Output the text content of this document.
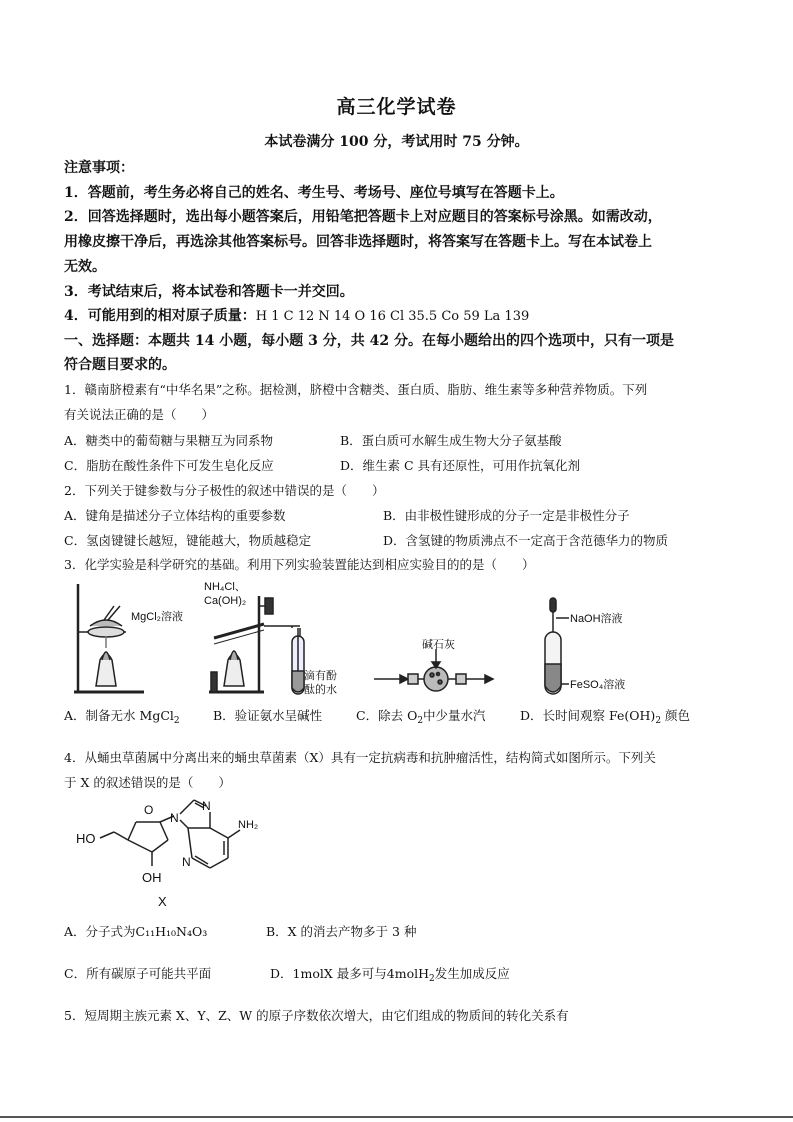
高三化学试卷
本试卷满分 100 分，考试用时 75 分钟。
注意事项：
1．答题前，考生务必将自己的姓名、考生号、考场号、座位号填写在答题卡上。
2．回答选择题时，选出每小题答案后，用铅笔把答题卡上对应题目的答案标号涂黑。如需改动，
用橡皮擦干净后，再选涂其他答案标号。回答非选择题时，将答案写在答题卡上。写在本试卷上
无效。
3．考试结束后，将本试卷和答题卡一并交回。
4．可能用到的相对原子质量：H 1 C 12 N 14 O 16 Cl 35.5 Co 59 La 139
一、选择题：本题共 14 小题，每小题 3 分，共 42 分。在每小题给出的四个选项中，只有一项是
符合题目要求的。
1．赣南脐橙素有“中华名果”之称。据检测，脐橙中含糖类、蛋白质、脂肪、维生素等多种营养物质。下列
有关说法正确的是（　　）
A．糖类中的葡萄糖与果糖互为同系物	B．蛋白质可水解生成生物大分子氨基酸
C．脂肪在酸性条件下可发生皂化反应	D．维生素 C 具有还原性，可用作抗氧化剂
2．下列关于键参数与分子极性的叙述中错误的是（　　）
A．键角是描述分子立体结构的重要参数	B．由非极性键形成的分子一定是非极性分子
C．氢卤键键长越短，键能越大，物质越稳定	D．含氢键的物质沸点不一定高于含范德华力的物质
3．化学实验是科学研究的基础。利用下列实验装置能达到相应实验目的的是（　　）
MgCl₂溶液
NH₄Cl、
Ca(OH)₂
滴有酚
酞的水
碱石灰
NaOH溶液
FeSO₄溶液
A．制备无水 MgCl$_2$	B．验证氨水呈碱性	C．除去 $O_2$中少量水汽	D．长时间观察 $Fe(OH)_2$ 颜色
4．从蛹虫草菌属中分离出来的蛹虫草菌素（X）具有一定抗病毒和抗肿瘤活性，结构简式如图所示。下列关
于 X 的叙述错误的是（　　）
HO
OH
O
N
N
N
NH₂
X
A．分子式为C₁₁H₁₀N₄O₃	B．X 的消去产物多于 3 种
C．所有碳原子可能共平面	D．1molX 最多可与4molH$_2$发生加成反应
5．短周期主族元素 X、Y、Z、W 的原子序数依次增大，由它们组成的物质间的转化关系有
